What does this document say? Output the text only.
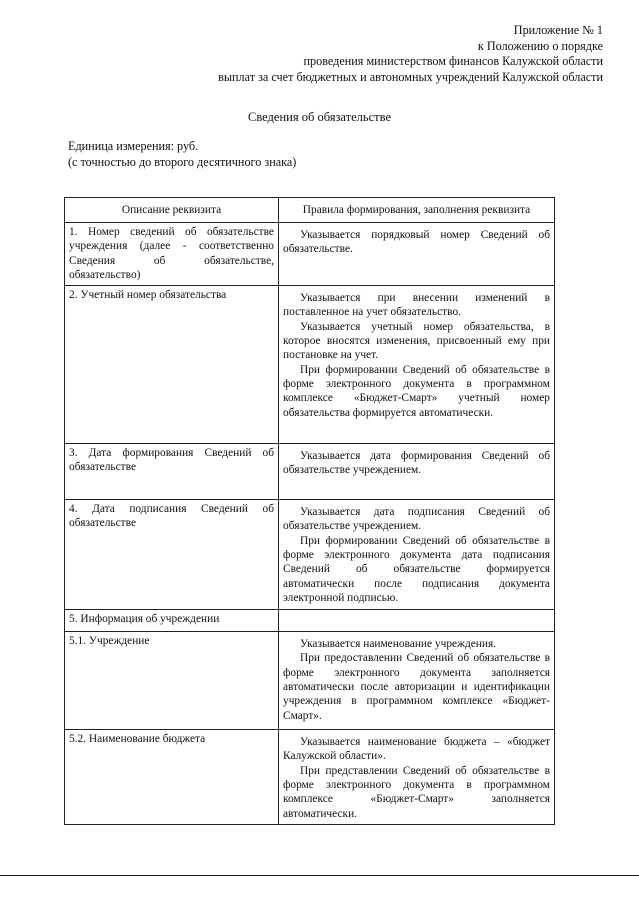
Приложение № 1
к Положению о порядке
проведения министерством финансов Калужской области
выплат за счет бюджетных и автономных учреждений Калужской области
Сведения об обязательстве
Единица измерения: руб.
(с точностью до второго десятичного знака)
Описание реквизита	Правила формирования, заполнения реквизита
1. Номер сведений об обязательстве учреждения (далее - соответственно Сведения об обязательстве, обязательство)	Указывается порядковый номер Сведений об обязательстве.

2. Учетный номер обязательства	Указывается при внесении изменений в поставленное на учет обязательство.

Указывается учетный номер обязательства, в которое вносятся изменения, присвоенный ему при постановке на учет.

При формировании Сведений об обязательстве в форме электронного документа в программном комплексе «Бюджет-Смарт» учетный номер обязательства формируется автоматически.

3. Дата формирования Сведений об обязательстве	Указывается дата формирования Сведений об обязательстве учреждением.

4. Дата подписания Сведений об обязательстве	Указывается дата подписания Сведений об обязательстве учреждением.

При формировании Сведений об обязательстве в форме электронного документа дата подписания Сведений об обязательстве формируется автоматически после подписания документа электронной подписью.

5. Информация об учреждении	
5.1. Учреждение	Указывается наименование учреждения.

При предоставлении Сведений об обязательстве в форме электронного документа заполняется автоматически после авторизации и идентификации учреждения в программном комплексе «Бюджет-Смарт».

5.2. Наименование бюджета	Указывается наименование бюджета – «бюджет Калужской области».

При представлении Сведений об обязательстве в форме электронного документа в программном комплексе «Бюджет-Смарт» заполняется автоматически.
